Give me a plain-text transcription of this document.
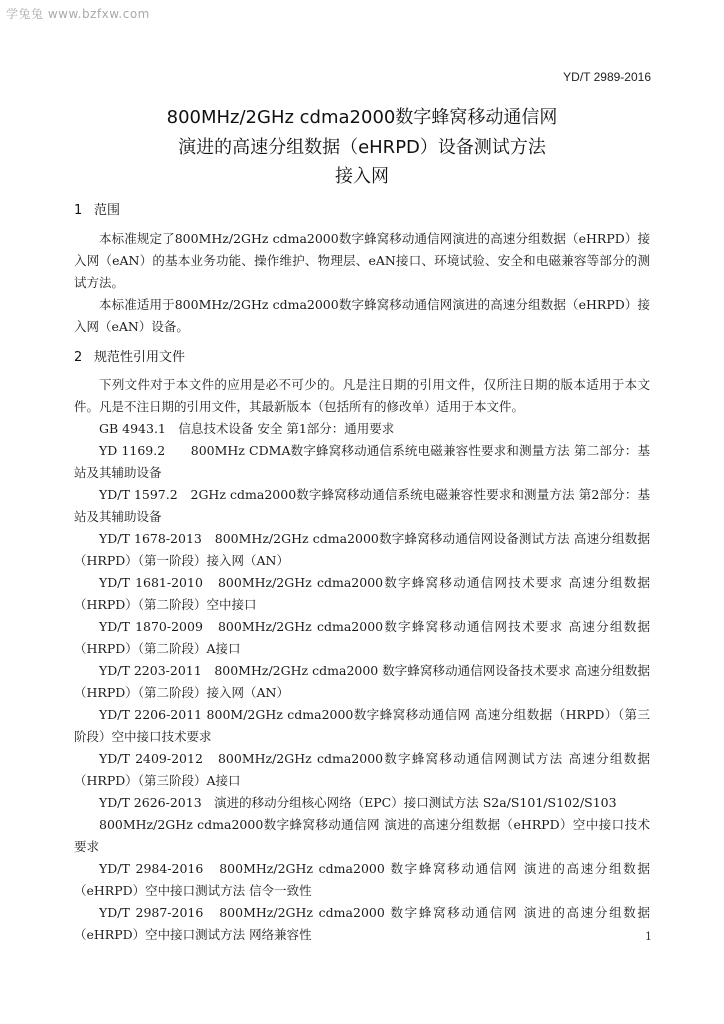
学兔兔 www.bzfxw.com
YD/T 2989-2016
800MHz/2GHz cdma2000数字蜂窝移动通信网
演进的高速分组数据（eHRPD）设备测试方法
接入网
1 范围

本标准规定了800MHz/2GHz cdma2000数字蜂窝移动通信网演进的高速分组数据（eHRPD）接入网（eAN）的基本业务功能、操作维护、物理层、eAN接口、环境试验、安全和电磁兼容等部分的测试方法。

本标准适用于800MHz/2GHz cdma2000数字蜂窝移动通信网演进的高速分组数据（eHRPD）接入网（eAN）设备。

2 规范性引用文件

下列文件对于本文件的应用是必不可少的。凡是注日期的引用文件，仅所注日期的版本适用于本文件。凡是不注日期的引用文件，其最新版本（包括所有的修改单）适用于本文件。

GB 4943.1　信息技术设备 安全 第1部分：通用要求

YD 1169.2　　800MHz CDMA数字蜂窝移动通信系统电磁兼容性要求和测量方法 第二部分：基站及其辅助设备

YD/T 1597.2　2GHz cdma2000数字蜂窝移动通信系统电磁兼容性要求和测量方法 第2部分：基站及其辅助设备

YD/T 1678-2013　800MHz/2GHz cdma2000数字蜂窝移动通信网设备测试方法 高速分组数据（HRPD）（第一阶段）接入网（AN）

YD/T 1681-2010　800MHz/2GHz cdma2000数字蜂窝移动通信网技术要求 高速分组数据（HRPD）（第二阶段）空中接口

YD/T 1870-2009　800MHz/2GHz cdma2000数字蜂窝移动通信网技术要求 高速分组数据（HRPD）（第二阶段）A接口

YD/T 2203-2011　800MHz/2GHz cdma2000 数字蜂窝移动通信网设备技术要求 高速分组数据（HRPD）（第二阶段）接入网（AN）

YD/T 2206-2011 800M/2GHz cdma2000数字蜂窝移动通信网 高速分组数据（HRPD）（第三阶段）空中接口技术要求

YD/T 2409-2012　800MHz/2GHz cdma2000数字蜂窝移动通信网测试方法 高速分组数据（HRPD）（第三阶段）A接口

YD/T 2626-2013　演进的移动分组核心网络（EPC）接口测试方法 S2a/S101/S102/S103

800MHz/2GHz cdma2000数字蜂窝移动通信网 演进的高速分组数据（eHRPD）空中接口技术要求

YD/T 2984-2016　800MHz/2GHz cdma2000 数字蜂窝移动通信网 演进的高速分组数据（eHRPD）空中接口测试方法 信令一致性

YD/T 2987-2016　800MHz/2GHz cdma2000 数字蜂窝移动通信网 演进的高速分组数据（eHRPD）空中接口测试方法 网络兼容性	1
